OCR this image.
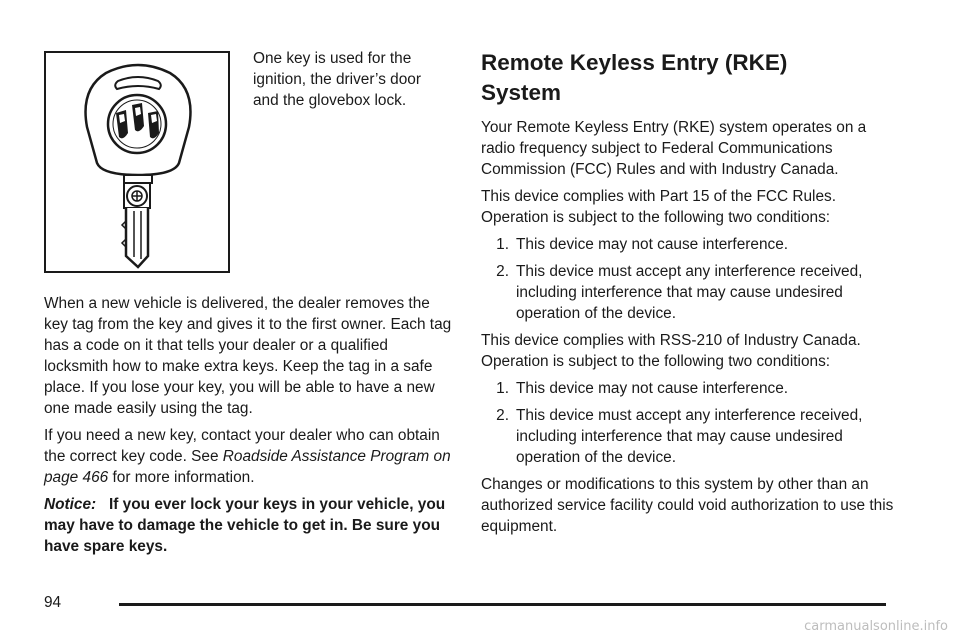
One key is used for the

ignition, the driver’s door

and the glovebox lock.

When a new vehicle is delivered, the dealer removes the key tag from the key and gives it to the first owner. Each tag has a code on it that tells your dealer or a qualified locksmith how to make extra keys. Keep the tag in a safe place. If you lose your key, you will be able to have a new one made easily using the tag.

If you need a new key, contact your dealer who can obtain the correct key code. See Roadside Assistance Program on page 466 for more information.

Notice: If you ever lock your keys in your vehicle, you may have to damage the vehicle to get in. Be sure you have spare keys.

Remote Keyless Entry (RKE)
System

Your Remote Keyless Entry (RKE) system operates on a radio frequency subject to Federal Communications Commission (FCC) Rules and with Industry Canada.

This device complies with Part 15 of the FCC Rules. Operation is subject to the following two conditions:

1. This device may not cause interference.
2. This device must accept any interference received, including interference that may cause undesired operation of the device.

This device complies with RSS-210 of Industry Canada. Operation is subject to the following two conditions:

1. This device may not cause interference.
2. This device must accept any interference received, including interference that may cause undesired operation of the device.

Changes or modifications to this system by other than an authorized service facility could void authorization to use this equipment.

94
carmanualsonline.info
